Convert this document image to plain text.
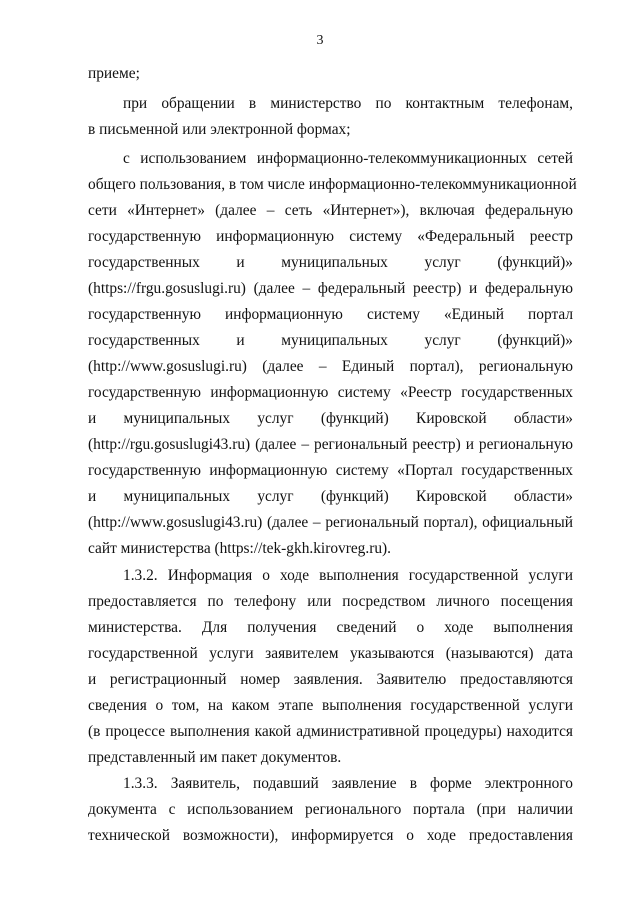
3
приеме;
при обращении в министерство по контактным телефонам,
в письменной или электронной формах;
с использованием информационно-телекоммуникационных сетей
общего пользования, в том числе информационно-телекоммуникационной
сети «Интернет» (далее – сеть «Интернет»), включая федеральную
государственную информационную систему «Федеральный реестр
государственных и муниципальных услуг (функций)»
(https://frgu.gosuslugi.ru) (далее – федеральный реестр) и федеральную
государственную информационную систему «Единый портал
государственных и муниципальных услуг (функций)»
(http://www.gosuslugi.ru) (далее – Единый портал), региональную
государственную информационную систему «Реестр государственных
и муниципальных услуг (функций) Кировской области»
(http://rgu.gosuslugi43.ru) (далее – региональный реестр) и региональную
государственную информационную систему «Портал государственных
и муниципальных услуг (функций) Кировской области»
(http://www.gosuslugi43.ru) (далее – региональный портал), официальный
сайт министерства (https://tek-gkh.kirovreg.ru).
1.3.2. Информация о ходе выполнения государственной услуги
предоставляется по телефону или посредством личного посещения
министерства. Для получения сведений о ходе выполнения
государственной услуги заявителем указываются (называются) дата
и регистрационный номер заявления. Заявителю предоставляются
сведения о том, на каком этапе выполнения государственной услуги
(в процессе выполнения какой административной процедуры) находится
представленный им пакет документов.
1.3.3. Заявитель, подавший заявление в форме электронного
документа с использованием регионального портала (при наличии
технической возможности), информируется о ходе предоставления
